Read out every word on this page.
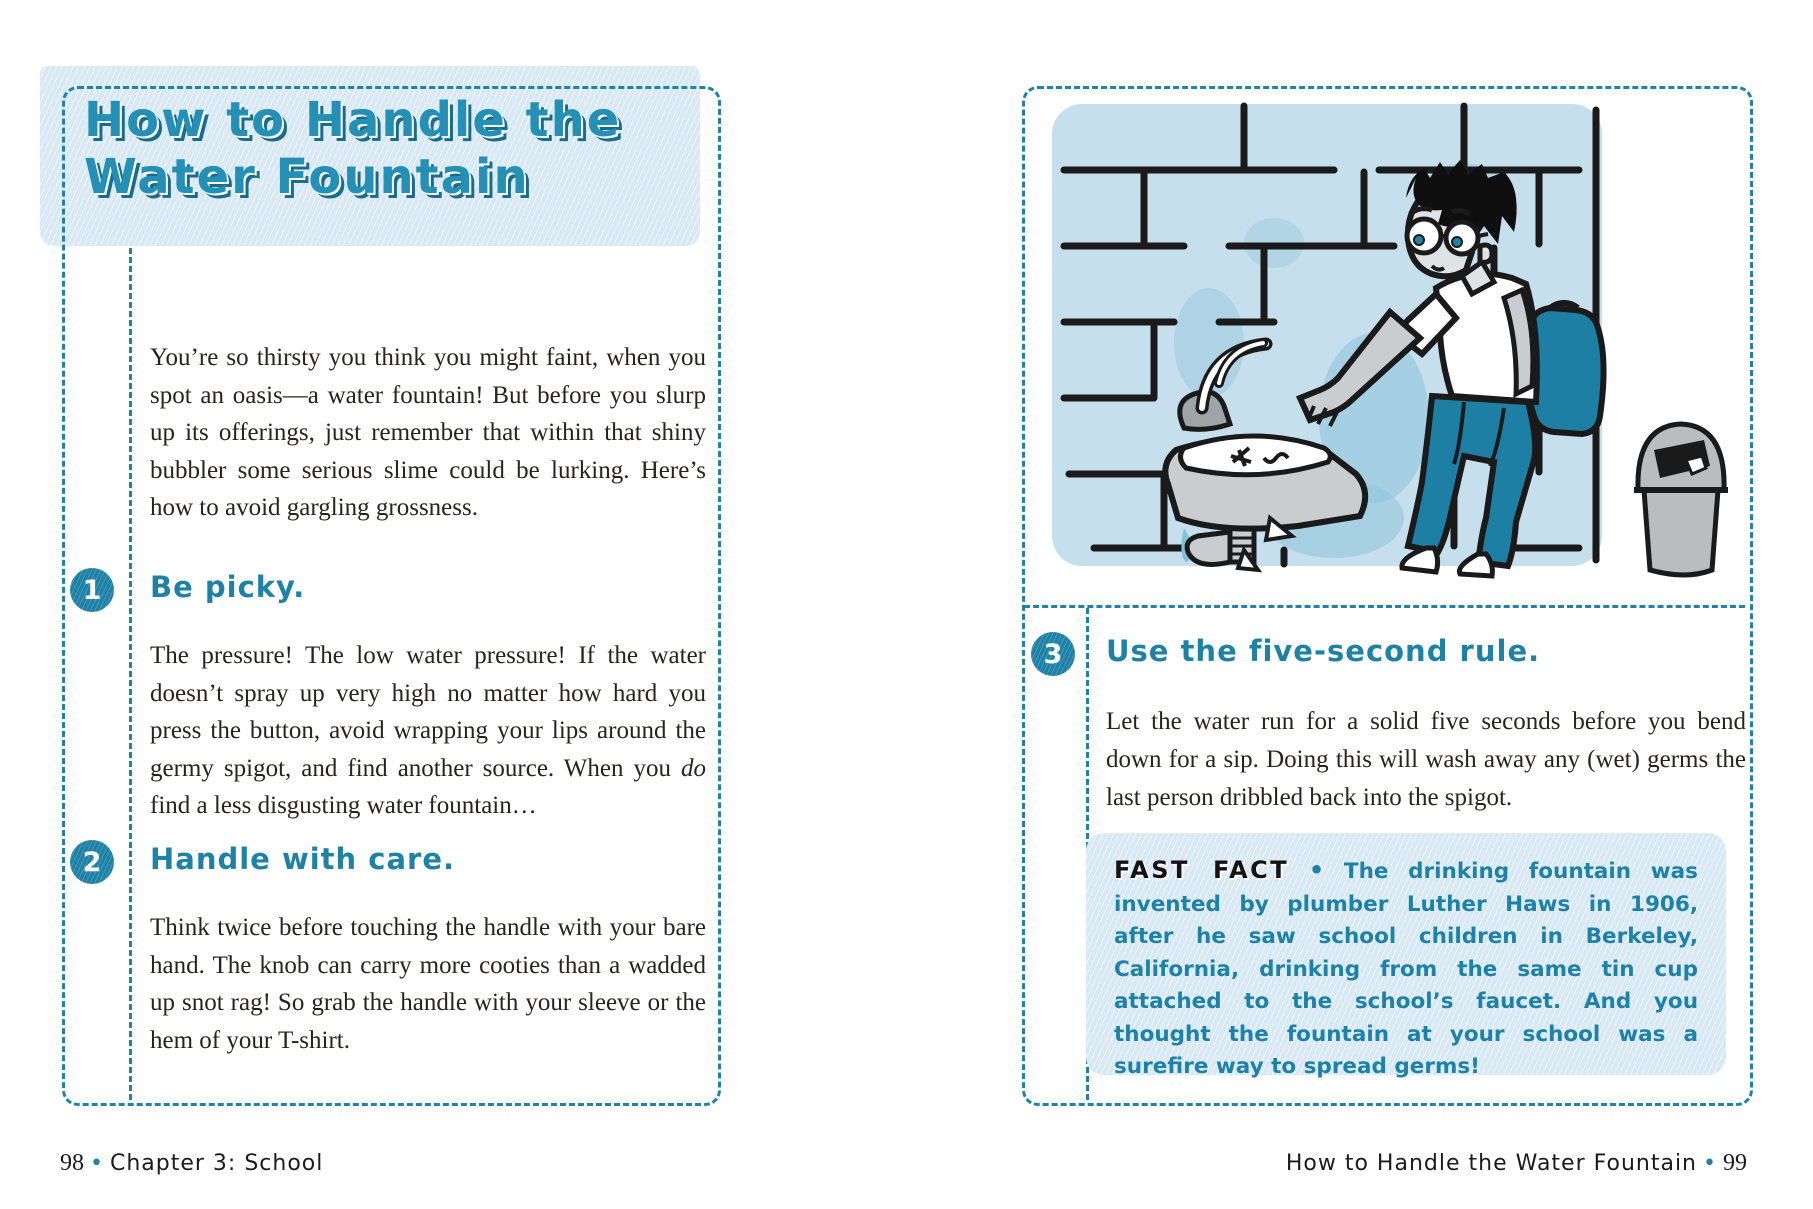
How to Handle the
Water Fountain

You’re so thirsty you think you might faint, when you spot an oasis—a water fountain! But before you slurp up its offerings, just remember that within that shiny bubbler some serious slime could be lurking. Here’s how to avoid gargling grossness.

1	Be picky.

The pressure! The low water pressure! If the water doesn’t spray up very high no matter how hard you press the button, avoid wrapping your lips around the germy spigot, and find another source. When you do find a less disgusting water fountain…

2	Handle with care.

Think twice before touching the handle with your bare hand. The knob can carry more cooties than a wadded up snot rag! So grab the handle with your sleeve or the hem of your T-shirt.

98 • Chapter 3: School
3	Use the five-second rule.

Let the water run for a solid five seconds before you bend down for a sip. Doing this will wash away any (wet) germs the last person dribbled back into the spigot.

FAST FACT • The drinking fountain was invented by plumber Luther Haws in 1906, after he saw school children in Berkeley, California, drinking from the same tin cup attached to the school’s faucet. And you thought the fountain at your school was a surefire way to spread germs!

How to Handle the Water Fountain • 99
